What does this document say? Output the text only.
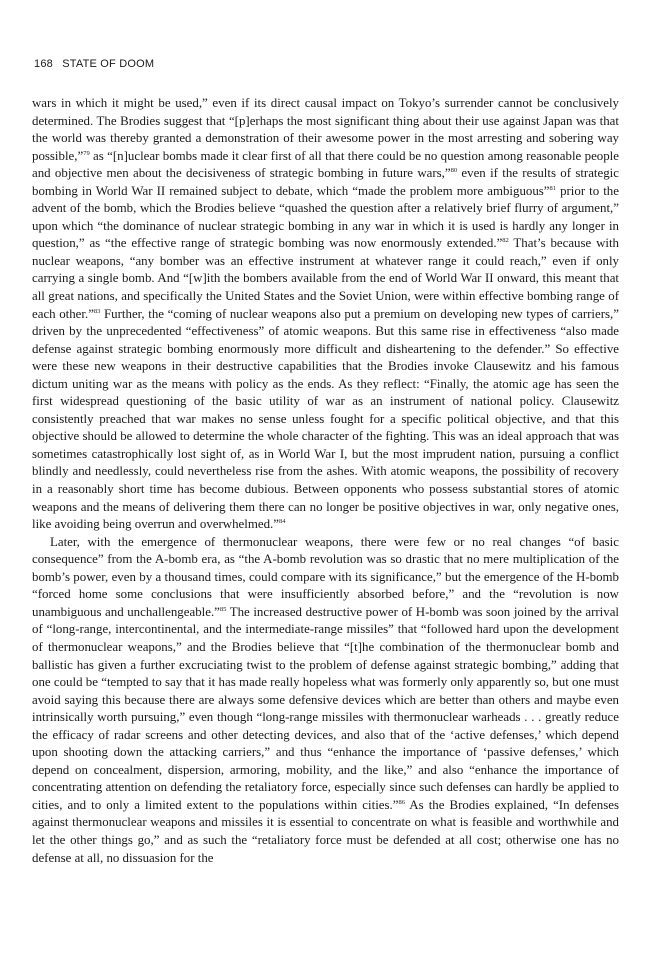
168 STATE OF DOOM

wars in which it might be used,” even if its direct causal impact on Tokyo’s surrender cannot be conclusively determined. The Brodies suggest that “[p]erhaps the most significant thing about their use against Japan was that the world was thereby granted a demonstration of their awesome power in the most arresting and sobering way possible,”$^{79}$ as “[n]uclear bombs made it clear first of all that there could be no question among reasonable people and objective men about the decisiveness of strategic bombing in future wars,”$^{80}$ even if the results of strategic bombing in World War II remained subject to debate, which “made the problem more ambiguous”$^{81}$ prior to the advent of the bomb, which the Brodies believe “quashed the question after a relatively brief flurry of argument,” upon which “the dominance of nuclear strategic bombing in any war in which it is used is hardly any longer in question,” as “the effective range of strategic bombing was now enormously extended.”$^{82}$ That’s because with nuclear weapons, “any bomber was an effective instrument at whatever range it could reach,” even if only carrying a single bomb. And “[w]ith the bombers available from the end of World War II onward, this meant that all great nations, and specifically the United States and the Soviet Union, were within effective bombing range of each other.”$^{83}$ Further, the “coming of nuclear weapons also put a premium on developing new types of carriers,” driven by the unprecedented “effectiveness” of atomic weapons. But this same rise in effectiveness “also made defense against strategic bombing enormously more difficult and disheartening to the defender.” So effective were these new weapons in their destructive capabilities that the Brodies invoke Clausewitz and his famous dictum uniting war as the means with policy as the ends. As they reflect: “Finally, the atomic age has seen the first widespread questioning of the basic utility of war as an instrument of national policy. Clausewitz consistently preached that war makes no sense unless fought for a specific political objective, and that this objective should be allowed to determine the whole character of the fighting. This was an ideal approach that was sometimes catastrophically lost sight of, as in World War I, but the most imprudent nation, pursuing a conflict blindly and needlessly, could nevertheless rise from the ashes. With atomic weapons, the possibility of recovery in a reasonably short time has become dubious. Between opponents who possess substantial stores of atomic weapons and the means of delivering them there can no longer be positive objectives in war, only negative ones, like avoiding being overrun and overwhelmed.”$^{84}$

Later, with the emergence of thermonuclear weapons, there were few or no real changes “of basic consequence” from the A-bomb era, as “the A-bomb revolution was so drastic that no mere multiplication of the bomb’s power, even by a thousand times, could compare with its significance,” but the emergence of the H-bomb “forced home some conclusions that were insufficiently absorbed before,” and the “revolution is now unambiguous and unchallengeable.”$^{85}$ The increased destructive power of H-bomb was soon joined by the arrival of “long-range, intercontinental, and the intermediate-range missiles” that “followed hard upon the development of thermonuclear weapons,” and the Brodies believe that “[t]he combination of the thermonuclear bomb and ballistic has given a further excruciating twist to the problem of defense against strategic bombing,” adding that one could be “tempted to say that it has made really hopeless what was formerly only apparently so, but one must avoid saying this because there are always some defensive devices which are better than others and maybe even intrinsically worth pursuing,” even though “long-range missiles with thermonuclear warheads . . . greatly reduce the efficacy of radar screens and other detecting devices, and also that of the ‘active defenses,’ which depend upon shooting down the attacking carriers,” and thus “enhance the importance of ‘passive defenses,’ which depend on concealment, dispersion, armoring, mobility, and the like,” and also “enhance the importance of concentrating attention on defending the retaliatory force, especially since such defenses can hardly be applied to cities, and to only a limited extent to the populations within cities.”$^{86}$ As the Brodies explained, “In defenses against thermonuclear weapons and missiles it is essential to concentrate on what is feasible and worthwhile and let the other things go,” and as such the “retaliatory force must be defended at all cost; otherwise one has no defense at all, no dissuasion for the
